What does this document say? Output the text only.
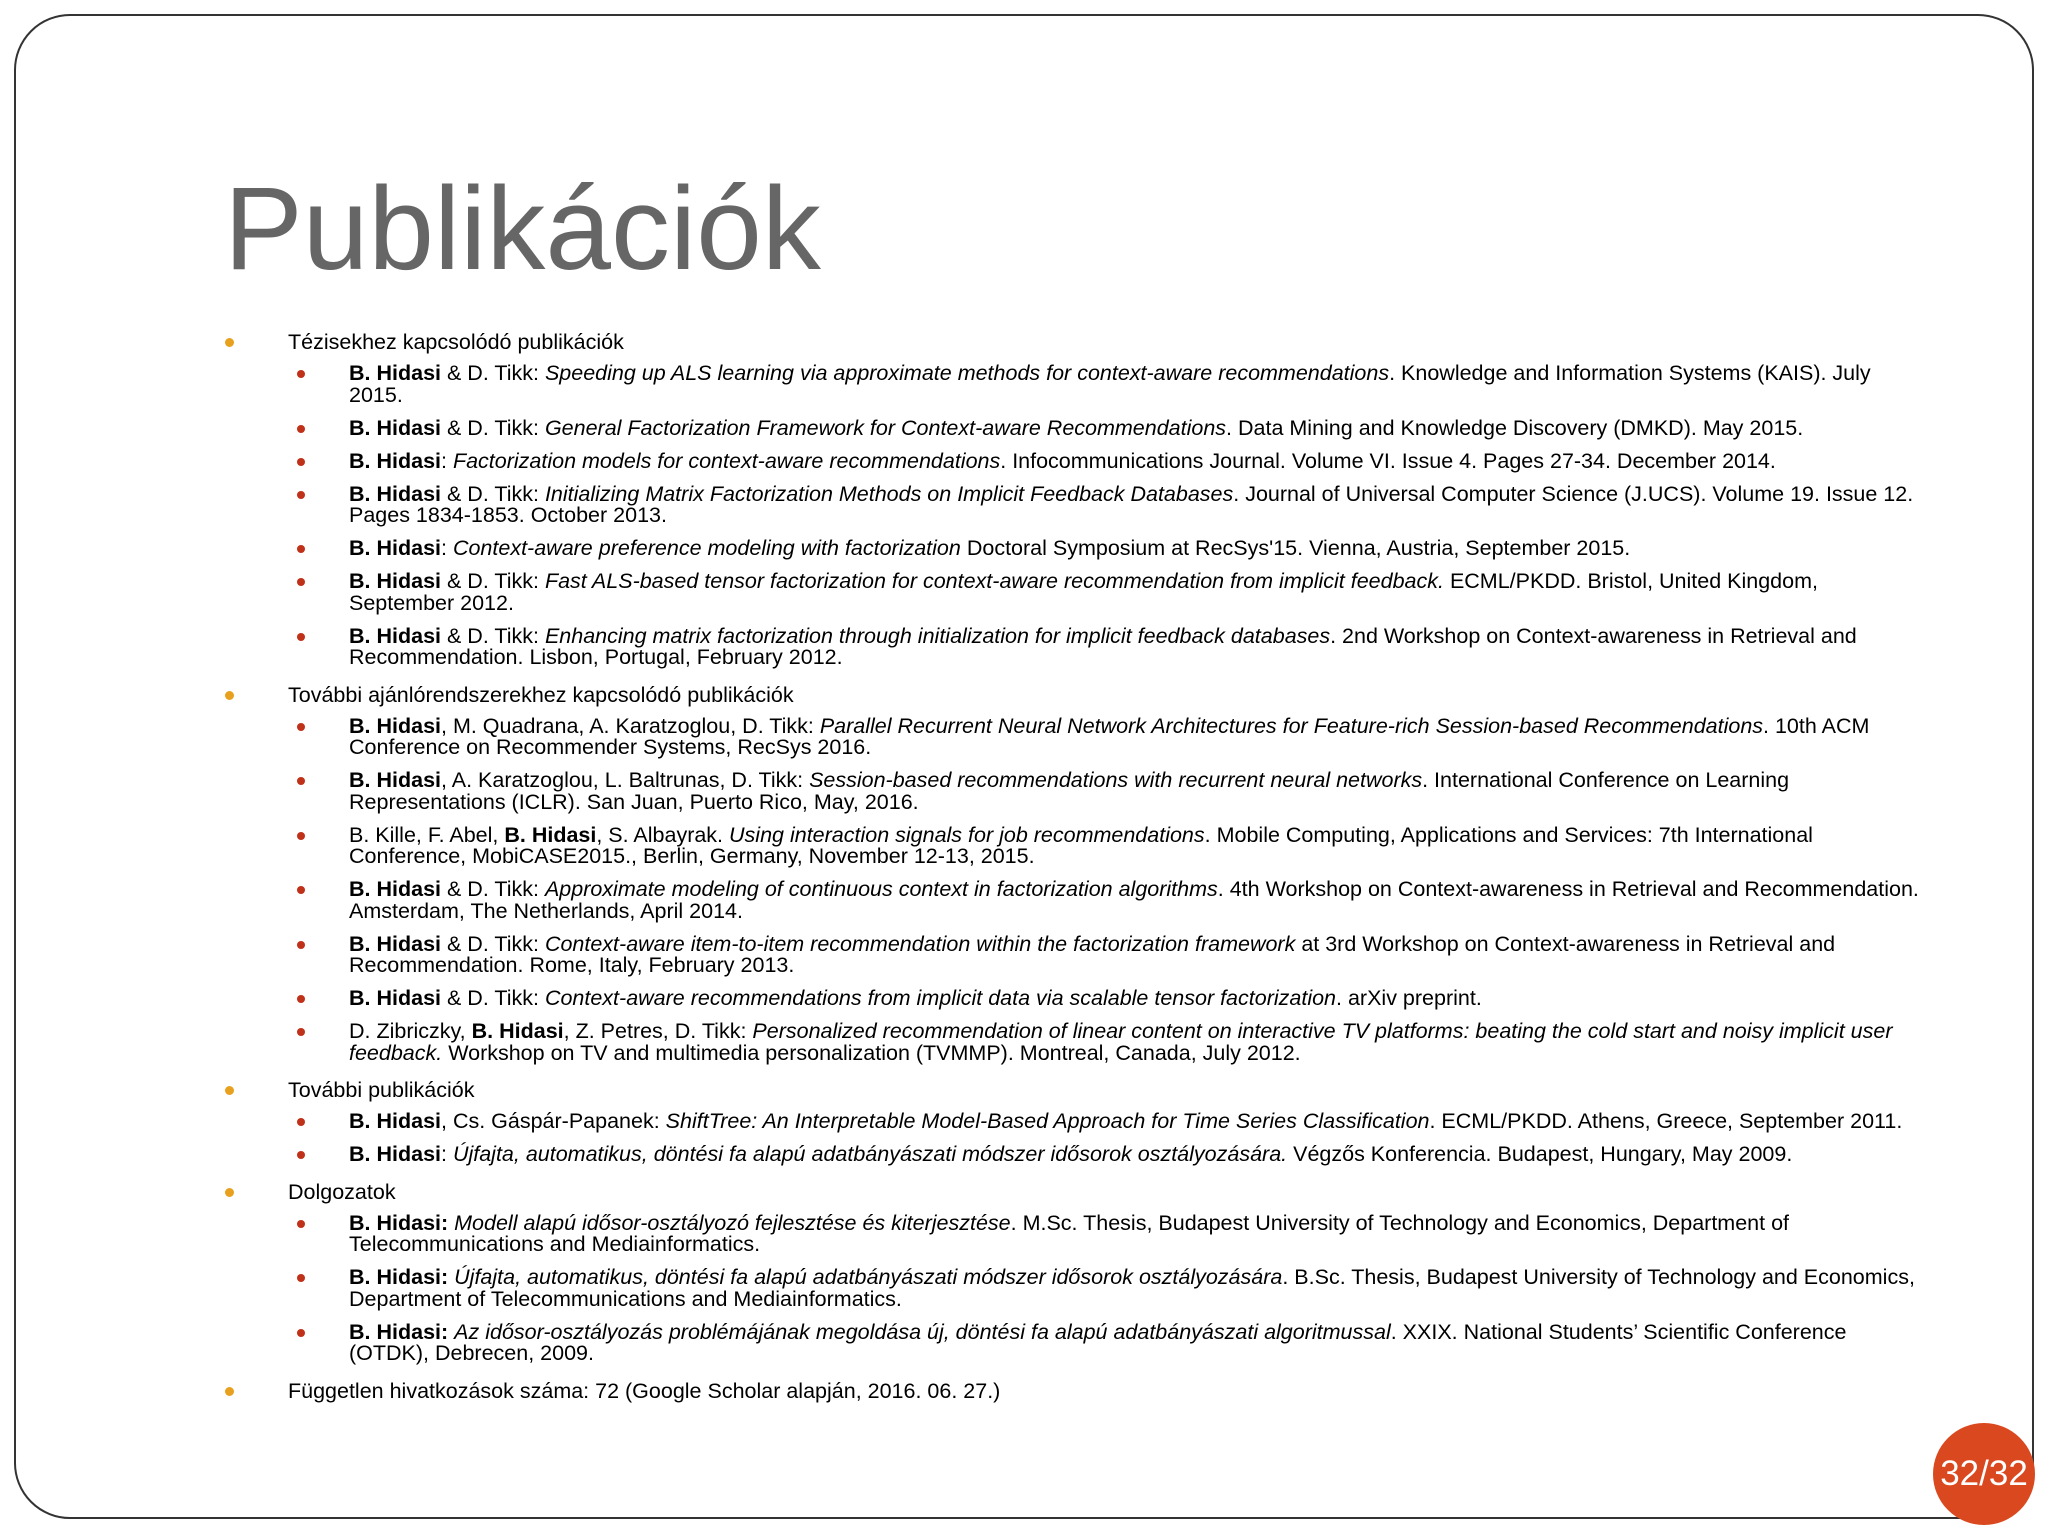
Publikációk
Tézisekhez kapcsolódó publikációk
B. Hidasi & D. Tikk: Speeding up ALS learning via approximate methods for context-aware recommendations. Knowledge and Information Systems (KAIS). July 2015.
B. Hidasi & D. Tikk: General Factorization Framework for Context-aware Recommendations. Data Mining and Knowledge Discovery (DMKD). May 2015.
B. Hidasi: Factorization models for context-aware recommendations. Infocommunications Journal. Volume VI. Issue 4. Pages 27-34. December 2014.
B. Hidasi & D. Tikk: Initializing Matrix Factorization Methods on Implicit Feedback Databases. Journal of Universal Computer Science (J.UCS). Volume 19. Issue 12. Pages 1834-1853. October 2013.
B. Hidasi: Context-aware preference modeling with factorization Doctoral Symposium at RecSys'15. Vienna, Austria, September 2015.
B. Hidasi & D. Tikk: Fast ALS-based tensor factorization for context-aware recommendation from implicit feedback. ECML/PKDD. Bristol, United Kingdom, September 2012.
B. Hidasi & D. Tikk: Enhancing matrix factorization through initialization for implicit feedback databases. 2nd Workshop on Context-awareness in Retrieval and Recommendation. Lisbon, Portugal, February 2012.
További ajánlórendszerekhez kapcsolódó publikációk
B. Hidasi, M. Quadrana, A. Karatzoglou, D. Tikk: Parallel Recurrent Neural Network Architectures for Feature-rich Session-based Recommendations. 10th ACM Conference on Recommender Systems, RecSys 2016.
B. Hidasi, A. Karatzoglou, L. Baltrunas, D. Tikk: Session-based recommendations with recurrent neural networks. International Conference on Learning Representations (ICLR). San Juan, Puerto Rico, May, 2016.
B. Kille, F. Abel, B. Hidasi, S. Albayrak. Using interaction signals for job recommendations. Mobile Computing, Applications and Services: 7th International Conference, MobiCASE2015., Berlin, Germany, November 12-13, 2015.
B. Hidasi & D. Tikk: Approximate modeling of continuous context in factorization algorithms. 4th Workshop on Context-awareness in Retrieval and Recommendation. Amsterdam, The Netherlands, April 2014.
B. Hidasi & D. Tikk: Context-aware item-to-item recommendation within the factorization framework at 3rd Workshop on Context-awareness in Retrieval and Recommendation. Rome, Italy, February 2013.
B. Hidasi & D. Tikk: Context-aware recommendations from implicit data via scalable tensor factorization. arXiv preprint.
D. Zibriczky, B. Hidasi, Z. Petres, D. Tikk: Personalized recommendation of linear content on interactive TV platforms: beating the cold start and noisy implicit user feedback. Workshop on TV and multimedia personalization (TVMMP). Montreal, Canada, July 2012.
További publikációk
B. Hidasi, Cs. Gáspár-Papanek: ShiftTree: An Interpretable Model-Based Approach for Time Series Classification. ECML/PKDD. Athens, Greece, September 2011.
B. Hidasi: Újfajta, automatikus, döntési fa alapú adatbányászati módszer idősorok osztályozására. Végzős Konferencia. Budapest, Hungary, May 2009.
Dolgozatok
B. Hidasi: Modell alapú idősor-osztályozó fejlesztése és kiterjesztése. M.Sc. Thesis, Budapest University of Technology and Economics, Department of Telecommunications and Mediainformatics.
B. Hidasi: Újfajta, automatikus, döntési fa alapú adatbányászati módszer idősorok osztályozására. B.Sc. Thesis, Budapest University of Technology and Economics, Department of Telecommunications and Mediainformatics.
B. Hidasi: Az idősor-osztályozás problémájának megoldása új, döntési fa alapú adatbányászati algoritmussal. XXIX. National Students’ Scientific Conference (OTDK), Debrecen, 2009.
Független hivatkozások száma: 72 (Google Scholar alapján, 2016. 06. 27.)
32/32
